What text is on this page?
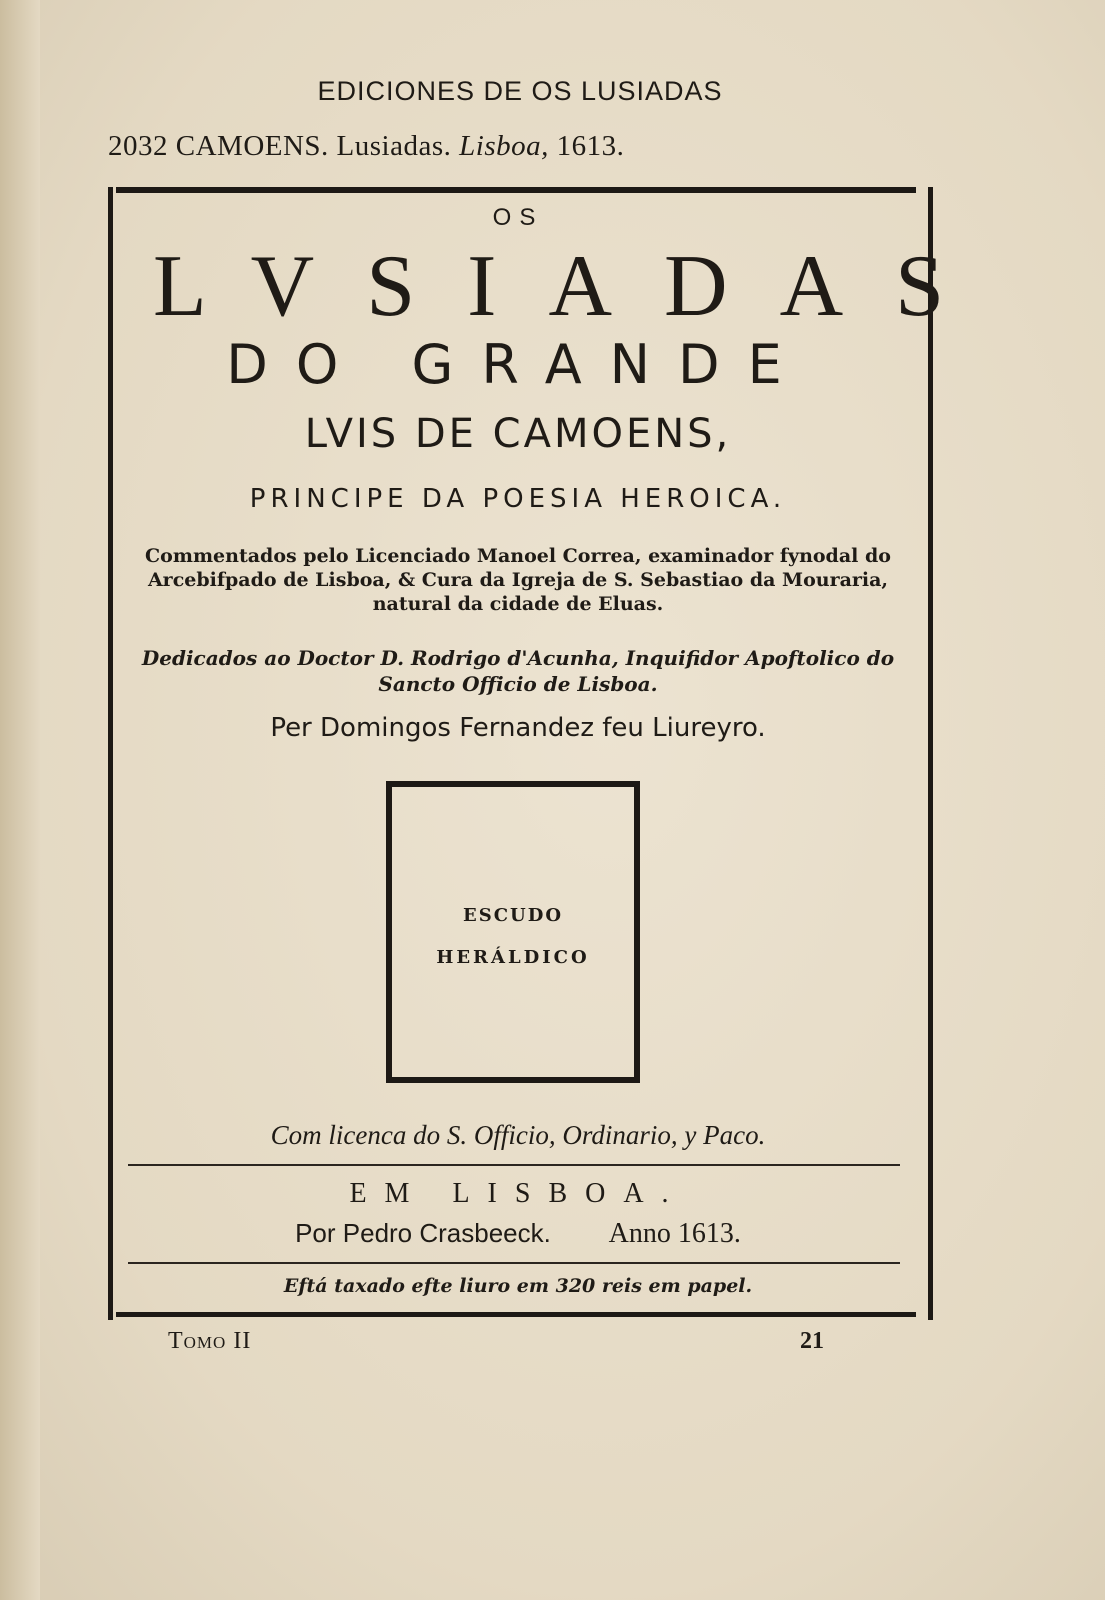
EDICIONES DE OS LUSIADAS
2032 CAMOENS. Lusiadas. Lisboa, 1613.
OS
LVSIADAS
DO GRANDE
LVIS DE CAMOENS,
PRINCIPE DA POESIA HEROICA.
Commentados pelo Licenciado Manoel Correa, examinador fynodal do Arcebifpado de Lisboa, & Cura da Igreja de S. Sebastiao da Mouraria, natural da cidade de Eluas.
Dedicados ao Doctor D. Rodrigo d'Acunha, Inquifidor Apoftolico do Sancto Officio de Lisboa.
Per Domingos Fernandez feu Liureyro.
ESCUDO
HERÁLDICO
Com licenca do S. Officio, Ordinario, y Paco.
EM LISBOA.
Por Pedro Crasbeeck. Anno 1613.
Eftá taxado efte liuro em 320 reis em papel.
Tomo II	21
